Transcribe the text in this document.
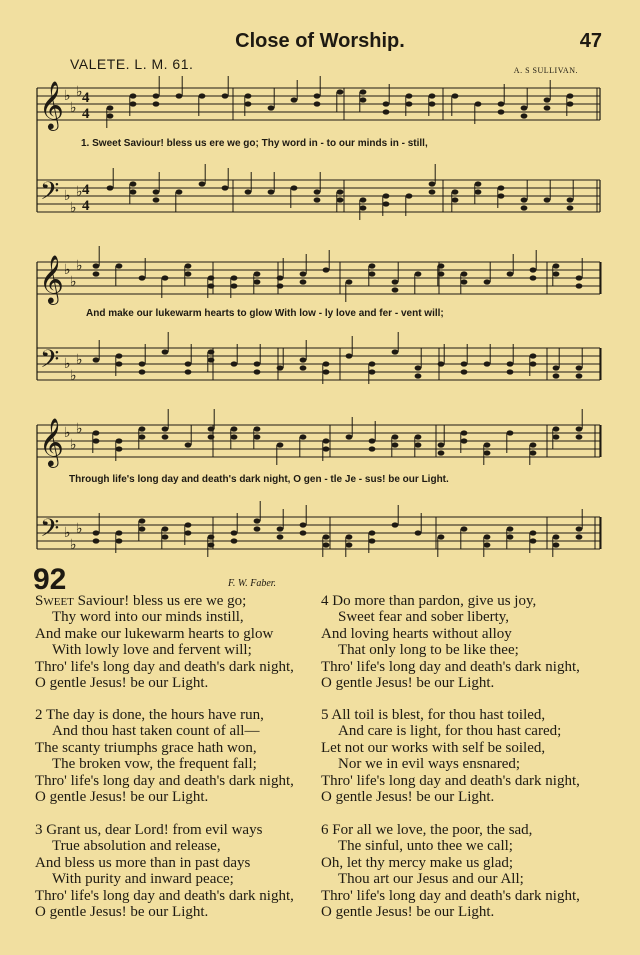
Close of Worship.	47
VALETE. L. M. 61.	A. S SULLIVAN.
𝄞
𝄢
♭
♭
♭
♭
♭
♭
4
4
4
4
𝄞
𝄢
♭
♭
♭
♭
♭
♭
𝄞
𝄢
♭
♭
♭
♭
♭
♭
1. Sweet Saviour! bless us ere we go; Thy word in - to our minds in - still,
And make our lukewarm hearts to glow With low - ly love and fer - vent will;
Through life's long day and death's dark night, O gen - tle Je - sus! be our Light.
92	F. W. Faber.
Sweet Saviour! bless us ere we go;
Thy word into our minds instill,
And make our lukewarm hearts to glow
With lowly love and fervent will;
Thro' life's long day and death's dark night,
O gentle Jesus! be our Light.
2 The day is done, the hours have run,
And thou hast taken count of all—
The scanty triumphs grace hath won,
The broken vow, the frequent fall;
Thro' life's long day and death's dark night,
O gentle Jesus! be our Light.
3 Grant us, dear Lord! from evil ways
True absolution and release,
And bless us more than in past days
With purity and inward peace;
Thro' life's long day and death's dark night,
O gentle Jesus! be our Light.
4 Do more than pardon, give us joy,
Sweet fear and sober liberty,
And loving hearts without alloy
That only long to be like thee;
Thro' life's long day and death's dark night,
O gentle Jesus! be our Light.
5 All toil is blest, for thou hast toiled,
And care is light, for thou hast cared;
Let not our works with self be soiled,
Nor we in evil ways ensnared;
Thro' life's long day and death's dark night,
O gentle Jesus! be our Light.
6 For all we love, the poor, the sad,
The sinful, unto thee we call;
Oh, let thy mercy make us glad;
Thou art our Jesus and our All;
Thro' life's long day and death's dark night,
O gentle Jesus! be our Light.
